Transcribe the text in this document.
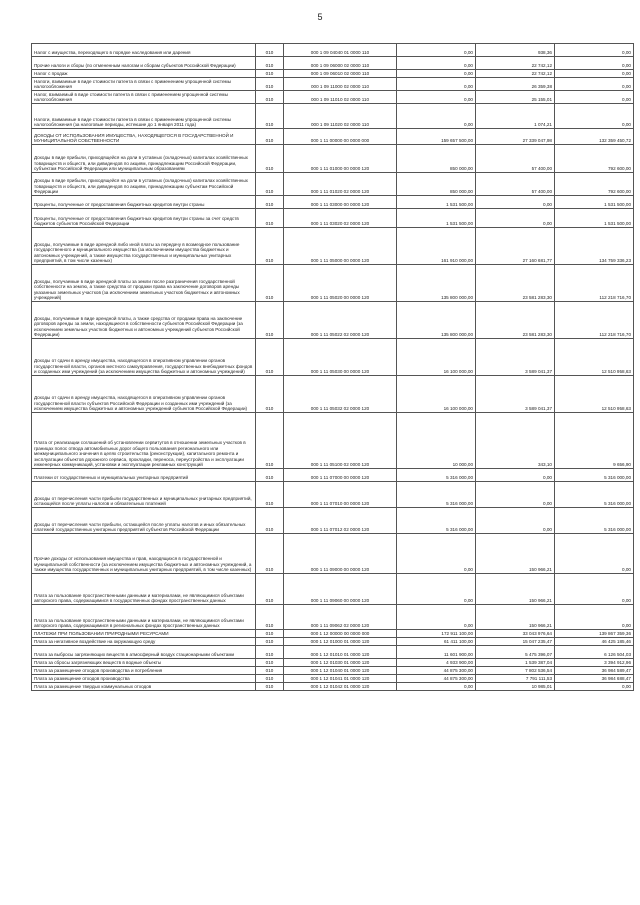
5
Налог с имущества, переходящего в порядке наследования или дарения	010	000 1 09 04040 01 0000 110	0,00	938,36	0,00
Прочие налоги и сборы (по отмененным налогам и сборам субъектов Российской Федерации)	010	000 1 09 06000 02 0000 110	0,00	22 742,12	0,00
Налог с продаж	010	000 1 09 06010 02 0000 110	0,00	22 742,12	0,00
Налоги, взимаемые в виде стоимости патента в связи с применением упрощенной системы налогообложения	010	000 1 09 11000 02 0000 110	0,00	26 359,38	0,00
Налог, взимаемый в виде стоимости патента в связи с применением упрощенной системы налогообложения	010	000 1 09 11010 02 0000 110	0,00	25 155,01	0,00
Налоги, взимаемые в виде стоимости патента в связи с применением упрощенной системы налогообложения (за налоговые периоды, истекшие до 1 января 2011 года)	010	000 1 09 11020 02 0000 110	0,00	1 074,21	0,00
ДОХОДЫ ОТ ИСПОЛЬЗОВАНИЯ ИМУЩЕСТВА, НАХОДЯЩЕГОСЯ В ГОСУДАРСТВЕННОЙ И МУНИЦИПАЛЬНОЙ СОБСТВЕННОСТИ	010	000 1 11 00000 00 0000 000	159 657 500,00	27 339 047,98	132 359 450,72
Доходы в виде прибыли, приходящейся на доли в уставных (складочных) капиталах хозяйственных товариществ и обществ, или дивидендов по акциям, принадлежащим Российской Федерации, субъектам Российской Федерации или муниципальным образованиям	010	000 1 11 01000 00 0000 120	850 000,00	57 400,00	792 600,00
Доходы в виде прибыли, приходящейся на доли в уставных (складочных) капиталах хозяйственных товариществ и обществ, или дивидендов по акциям, принадлежащим субъектам Российской Федерации	010	000 1 11 01020 02 0000 120	850 000,00	57 400,00	792 600,00
Проценты, полученные от предоставления бюджетных кредитов внутри страны	010	000 1 11 03000 00 0000 120	1 531 500,00	0,00	1 531 500,00
Проценты, полученные от предоставления бюджетных кредитов внутри страны за счет средств бюджетов субъектов Российской Федерации	010	000 1 11 03020 02 0000 120	1 531 500,00	0,00	1 531 500,00
Доходы, получаемые в виде арендной либо иной платы за передачу в возмездное пользование государственного и муниципального имущества (за исключением имущества бюджетных и автономных учреждений, а также имущества государственных и муниципальных унитарных предприятий, в том числе казенных)	010	000 1 11 05000 00 0000 120	161 910 000,00	27 160 681,77	134 759 336,23
Доходы, получаемые в виде арендной платы за земли после разграничения государственной собственности на землю, а также средства от продажи права на заключение договоров аренды указанных земельных участков (за исключением земельных участков бюджетных и автономных учреждений)	010	000 1 11 05020 00 0000 120	135 800 000,00	23 581 283,30	112 218 716,70
Доходы, получаемые в виде арендной платы, а также средства от продажи права на заключение договоров аренды за земли, находящиеся в собственности субъектов Российской Федерации (за исключением земельных участков бюджетных и автономных учреждений субъектов Российской Федерации)	010	000 1 11 05022 02 0000 120	135 800 000,00	23 581 283,30	112 218 716,70
Доходы от сдачи в аренду имущества, находящегося в оперативном управлении органов государственной власти, органов местного самоуправления, государственных внебюджетных фондов и созданных ими учреждений (за исключением имущества бюджетных и автономных учреждений)	010	000 1 11 05030 00 0000 120	16 100 000,00	3 589 041,37	12 510 958,63
Доходы от сдачи в аренду имущества, находящегося в оперативном управлении органов государственной власти субъектов Российской Федерации и созданных ими учреждений (за исключением имущества бюджетных и автономных учреждений субъектов Российской Федерации)	010	000 1 11 05032 02 0000 120	16 100 000,00	3 589 041,37	12 510 958,63
Плата от реализации соглашений об установлении сервитутов в отношении земельных участков в границах полос отвода автомобильных дорог общего пользования регионального или межмуниципального значения в целях строительства (реконструкции), капитального ремонта и эксплуатации объектов дорожного сервиса, прокладки, переноса, переустройства и эксплуатации инженерных коммуникаций, установки и эксплуатации рекламных конструкций	010	000 1 11 05100 02 0000 120	10 000,00	343,10	9 656,90
Платежи от государственных и муниципальных унитарных предприятий	010	000 1 11 07000 00 0000 120	5 316 000,00	0,00	5 316 000,00
Доходы от перечисления части прибыли государственных и муниципальных унитарных предприятий, остающейся после уплаты налогов и обязательных платежей	010	000 1 11 07010 00 0000 120	5 316 000,00	0,00	5 316 000,00
Доходы от перечисления части прибыли, остающейся после уплаты налогов и иных обязательных платежей государственных унитарных предприятий субъектов Российской Федерации	010	000 1 11 07012 02 0000 120	5 316 000,00	0,00	5 316 000,00
Прочие доходы от использования имущества и прав, находящихся в государственной и муниципальной собственности (за исключением имущества бюджетных и автономных учреждений, а также имущества государственных и муниципальных унитарных предприятий, в том числе казенных)	010	000 1 11 09000 00 0000 120	0,00	150 966,21	0,00
Плата за пользование пространственными данными и материалами, не являющимися объектами авторского права, содержащимися в государственных фондах пространственных данных	010	000 1 11 09060 00 0000 120	0,00	150 966,21	0,00
Плата за пользование пространственными данными и материалами, не являющимися объектами авторского права, содержащимися в региональных фондах пространственных данных	010	000 1 11 09062 02 0000 120	0,00	150 966,21	0,00
ПЛАТЕЖИ ПРИ ПОЛЬЗОВАНИИ ПРИРОДНЫМИ РЕСУРСАМИ	010	000 1 12 00000 00 0000 000	172 911 100,00	33 043 976,64	139 867 359,36
Плата за негативное воздействие на окружающую среду	010	000 1 12 01000 01 0000 120	61 411 100,00	15 047 235,47	46 425 185,46
Плата за выбросы загрязняющих веществ в атмосферный воздух стационарными объектами	010	000 1 12 01010 01 0000 120	11 601 900,00	5 475 396,07	6 126 504,03
Плата за сбросы загрязняющих веществ в водные объекты	010	000 1 12 01030 01 0000 120	4 933 900,00	1 539 387,04	3 394 912,96
Плата за размещение отходов производства и потребления	010	000 1 12 01040 01 0000 120	44 875 300,00	7 802 536,54	36 984 589,47
Плата за размещение отходов производства	010	000 1 12 01041 01 0000 120	44 875 300,00	7 791 111,53	36 984 688,47
Плата за размещение твердых коммунальных отходов	010	000 1 12 01042 01 0000 120	0,00	10 985,01	0,00
